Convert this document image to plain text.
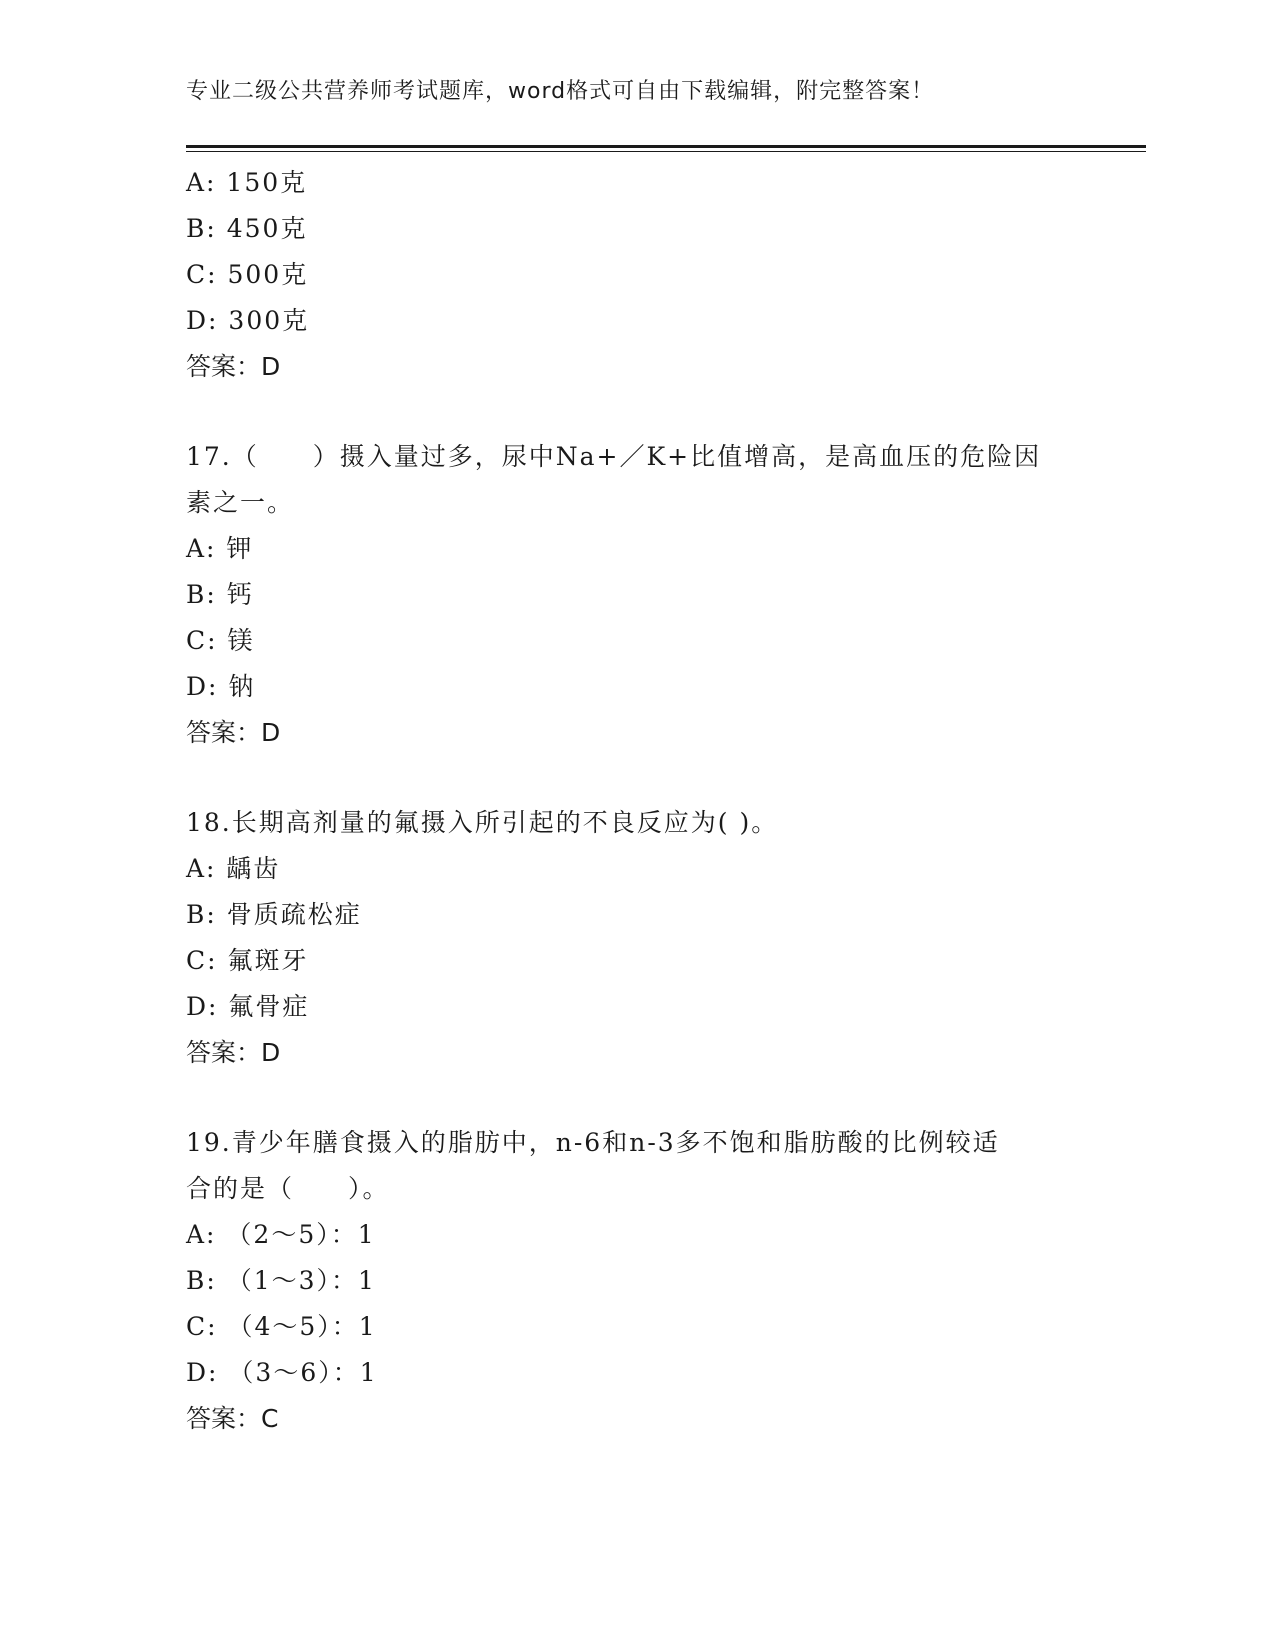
专业二级公共营养师考试题库，word格式可自由下载编辑，附完整答案！
A: 150克
B: 450克
C: 500克
D: 300克
答案：D
17.（　　）摄入量过多，尿中Na+／K+比值增高，是高血压的危险因
素之一。
A: 钾
B: 钙
C: 镁
D: 钠
答案：D
18.长期高剂量的氟摄入所引起的不良反应为( )。
A: 龋齿
B: 骨质疏松症
C: 氟斑牙
D: 氟骨症
答案：D
19.青少年膳食摄入的脂肪中，n-6和n-3多不饱和脂肪酸的比例较适
合的是（　　）。
A: （2～5）：1
B: （1～3）：1
C: （4～5）：1
D: （3～6）：1
答案：C
